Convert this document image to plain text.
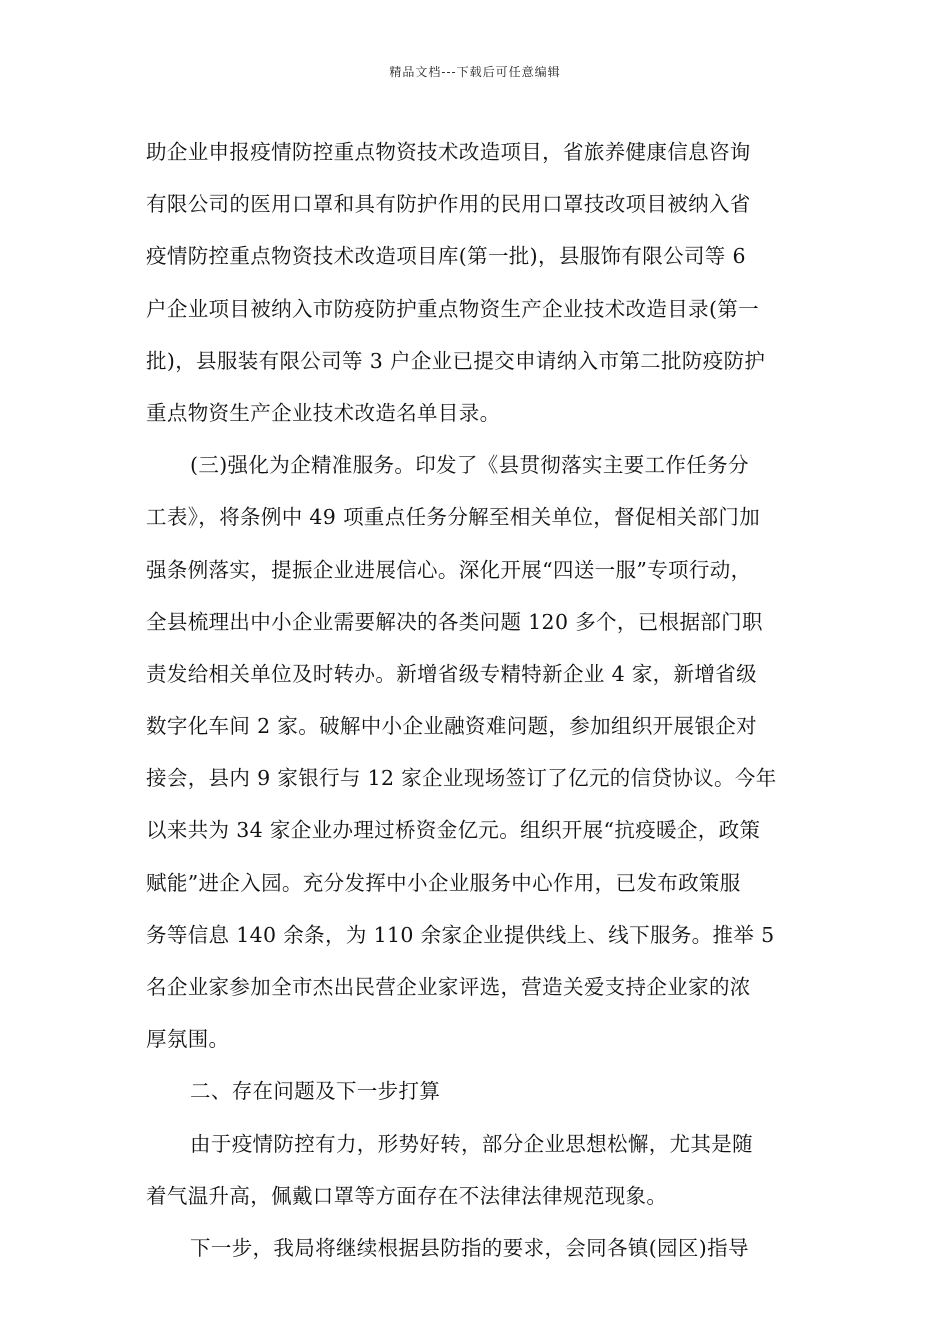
精品文档---下载后可任意编辑
助企业申报疫情防控重点物资技术改造项目，省旅养健康信息咨询
有限公司的医用口罩和具有防护作用的民用口罩技改项目被纳入省
疫情防控重点物资技术改造项目库(第一批)，县服饰有限公司等 6
户企业项目被纳入市防疫防护重点物资生产企业技术改造目录(第一
批)，县服装有限公司等 3 户企业已提交申请纳入市第二批防疫防护
重点物资生产企业技术改造名单目录。
(三)强化为企精准服务。印发了《县贯彻落实主要工作任务分
工表》，将条例中 49 项重点任务分解至相关单位，督促相关部门加
强条例落实，提振企业进展信心。深化开展“四送一服”专项行动，
全县梳理出中小企业需要解决的各类问题 120 多个，已根据部门职
责发给相关单位及时转办。新增省级专精特新企业 4 家，新增省级
数字化车间 2 家。破解中小企业融资难问题，参加组织开展银企对
接会，县内 9 家银行与 12 家企业现场签订了亿元的信贷协议。今年
以来共为 34 家企业办理过桥资金亿元。组织开展“抗疫暖企，政策
赋能”进企入园。充分发挥中小企业服务中心作用，已发布政策服
务等信息 140 余条，为 110 余家企业提供线上、线下服务。推举 5
名企业家参加全市杰出民营企业家评选，营造关爱支持企业家的浓
厚氛围。
二、存在问题及下一步打算
由于疫情防控有力，形势好转，部分企业思想松懈，尤其是随
着气温升高，佩戴口罩等方面存在不法律法律规范现象。
下一步，我局将继续根据县防指的要求，会同各镇(园区)指导
